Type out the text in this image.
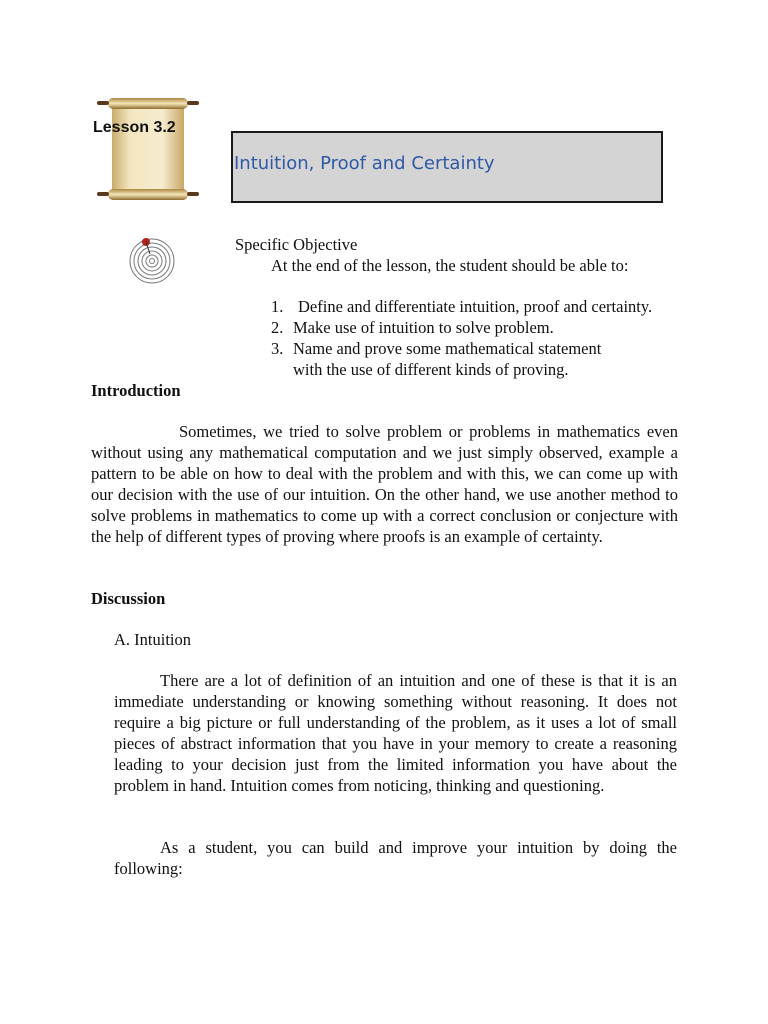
Lesson 3.2
Intuition, Proof and Certainty
Specific Objective
At the end of the lesson, the student should be able to:
1. Define and differentiate intuition, proof and certainty.
2. Make use of intuition to solve problem.
3. Name and prove some mathematical statement
with the use of different kinds of proving.
Introduction

Sometimes, we tried to solve problem or problems in mathematics even without using any mathematical computation and we just simply observed, example a pattern to be able on how to deal with the problem and with this, we can come up with our decision with the use of our intuition. On the other hand, we use another method to solve problems in mathematics to come up with a correct conclusion or conjecture with the help of different types of proving where proofs is an example of certainty.

Discussion
A. Intuition

There are a lot of definition of an intuition and one of these is that it is an immediate understanding or knowing something without reasoning. It does not require a big picture or full understanding of the problem, as it uses a lot of small pieces of abstract information that you have in your memory to create a reasoning leading to your decision just from the limited information you have about the problem in hand. Intuition comes from noticing, thinking and questioning.

As a student, you can build and improve your intuition by doing the following:
